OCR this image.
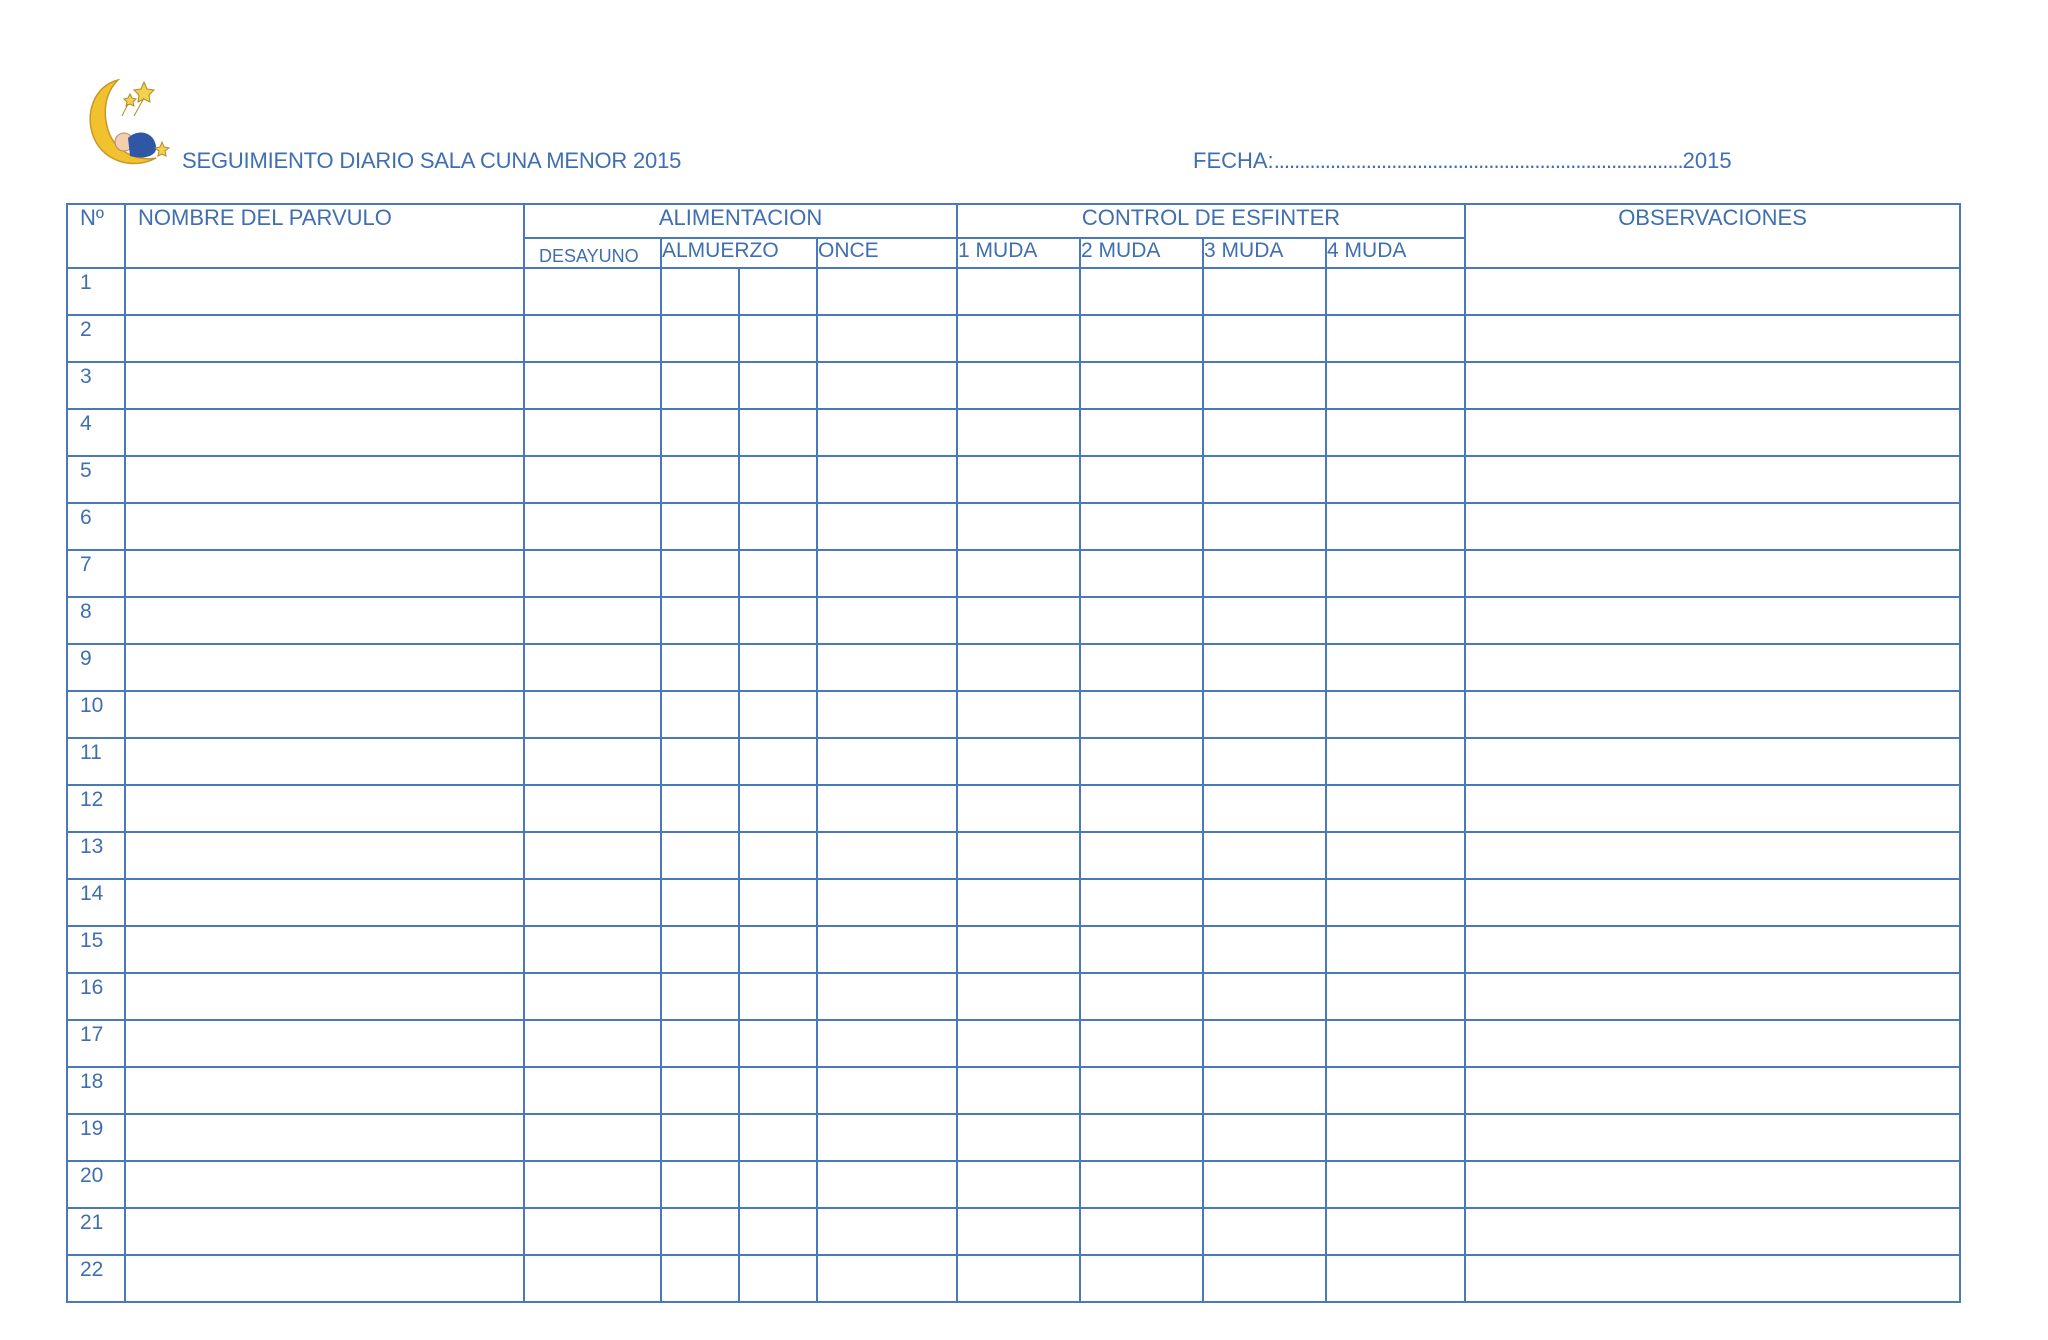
SEGUIMIENTO DIARIO SALA CUNA MENOR 2015	FECHA:................................................................................2015
Nº	NOMBRE DEL PARVULO	ALIMENTACION				CONTROL DE ESFINTER				OBSERVACIONES
		DESAYUNO	ALMUERZO		ONCE	1 MUDA	2 MUDA	3 MUDA	4 MUDA	
1										
2										
3										
4										
5										
6										
7										
8										
9										
10										
11										
12										
13										
14										
15										
16										
17										
18										
19										
20										
21										
22										
